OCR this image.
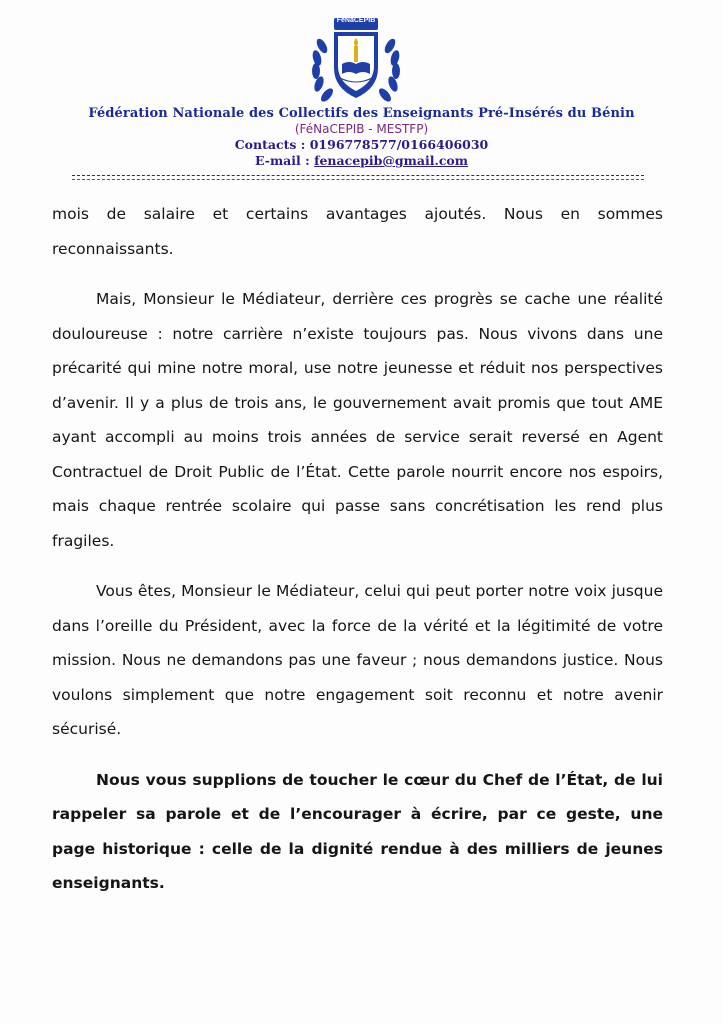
FéNaCEPIB
Fédération Nationale des Collectifs des Enseignants Pré-Insérés du Bénin
(FéNaCEPIB - MESTFP)
Contacts : 0196778577/0166406030
E-mail : fenacepib@gmail.com

mois de salaire et certains avantages ajoutés. Nous en sommes reconnaissants.

Mais, Monsieur le Médiateur, derrière ces progrès se cache une réalité douloureuse : notre carrière n’existe toujours pas. Nous vivons dans une précarité qui mine notre moral, use notre jeunesse et réduit nos perspectives d’avenir. Il y a plus de trois ans, le gouvernement avait promis que tout AME ayant accompli au moins trois années de service serait reversé en Agent Contractuel de Droit Public de l’État. Cette parole nourrit encore nos espoirs, mais chaque rentrée scolaire qui passe sans concrétisation les rend plus fragiles.

Vous êtes, Monsieur le Médiateur, celui qui peut porter notre voix jusque dans l’oreille du Président, avec la force de la vérité et la légitimité de votre mission. Nous ne demandons pas une faveur ; nous demandons justice. Nous voulons simplement que notre engagement soit reconnu et notre avenir sécurisé.

Nous vous supplions de toucher le cœur du Chef de l’État, de lui rappeler sa parole et de l’encourager à écrire, par ce geste, une page historique : celle de la dignité rendue à des milliers de jeunes enseignants.
